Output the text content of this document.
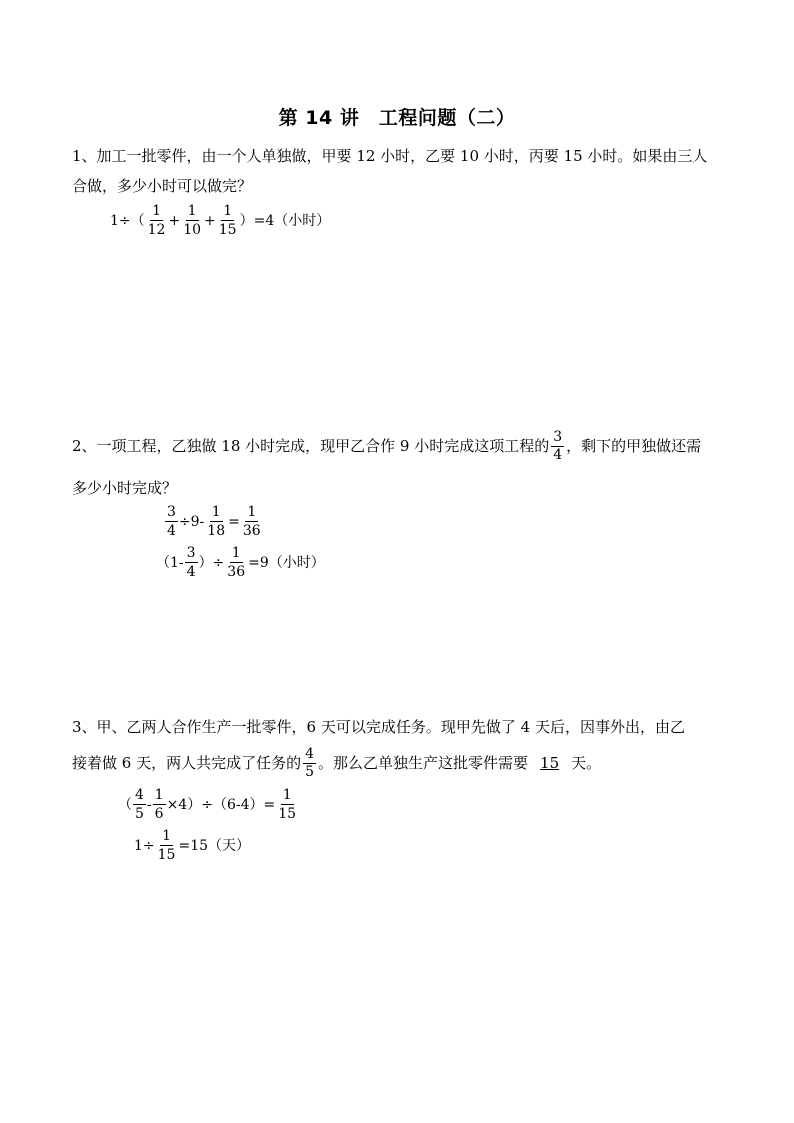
第 14 讲　工程问题（二）
1、加工一批零件，由一个人单独做，甲要 12 小时，乙要 10 小时，丙要 15 小时。如果由三人
合做，多少小时可以做完？
$1\div( \frac{1}{12} + \frac{1}{10} + \frac{1}{15} )=4$（小时）
2、一项工程，乙独做 18 小时完成，现甲乙合作 9 小时完成这项工程的 $\frac{3}{4}$ ，剩下的甲独做还需
多少小时完成？
$\frac{3}{4} \div 9- \frac{1}{18} = \frac{1}{36}$
（$1- \frac{3}{4}$ ）÷ $\frac{1}{36} =9$（小时）
3、甲、乙两人合作生产一批零件，6 天可以完成任务。现甲先做了 4 天后，因事外出，由乙
接着做 6 天，两人共完成了任务的 $\frac{4}{5}$ 。那么乙单独生产这批零件需要 15 天。
（ $\frac{4}{5} - \frac{1}{6} \times 4)\div(6-4)= \frac{1}{15}$
$1\div \frac{1}{15} =15$（天）
